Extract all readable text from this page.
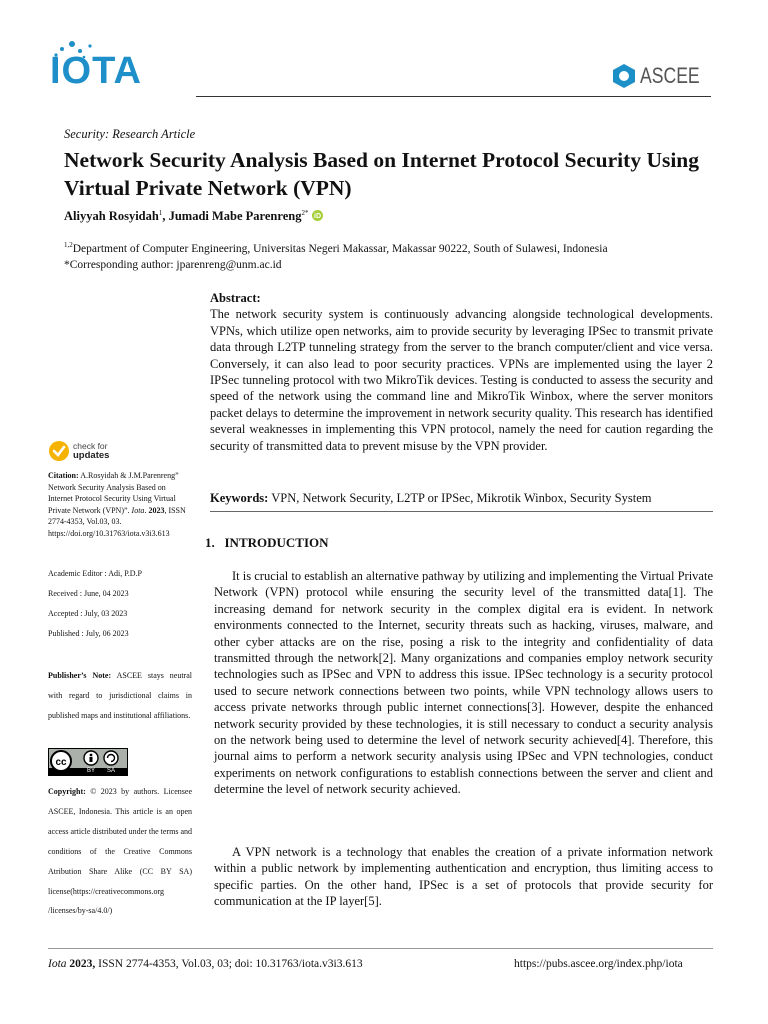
IOTA	ASCEE
Security: Research Article
Network Security Analysis Based on Internet Protocol Security Using Virtual Private Network (VPN)
Aliyyah Rosyidah$^1$, Jumadi Mabe Parenreng$^{2*}$ iD
$^{1,2}$Department of Computer Engineering, Universitas Negeri Makassar, Makassar 90222, South of Sulawesi, Indonesia
*Corresponding author: jparenreng@unm.ac.id
Abstract:
The network security system is continuously advancing alongside technological developments. VPNs, which utilize open networks, aim to provide security by leveraging IPSec to transmit private data through L2TP tunneling strategy from the server to the branch computer/client and vice versa. Conversely, it can also lead to poor security practices. VPNs are implemented using the layer 2 IPSec tunneling protocol with two MikroTik devices. Testing is conducted to assess the security and speed of the network using the command line and MikroTik Winbox, where the server monitors packet delays to determine the improvement in network security quality. This research has identified several weaknesses in implementing this VPN protocol, namely the need for caution regarding the security of transmitted data to prevent misuse by the VPN provider.
Keywords: VPN, Network Security, L2TP or IPSec, Mikrotik Winbox, Security System
1.   INTRODUCTION

It is crucial to establish an alternative pathway by utilizing and implementing the Virtual Private Network (VPN) protocol while ensuring the security level of the transmitted data[1]. The increasing demand for network security in the complex digital era is evident. In network environments connected to the Internet, security threats such as hacking, viruses, malware, and other cyber attacks are on the rise, posing a risk to the integrity and confidentiality of data transmitted through the network[2]. Many organizations and companies employ network security technologies such as IPSec and VPN to address this issue. IPSec technology is a security protocol used to secure network connections between two points, while VPN technology allows users to access private networks through public internet connections[3]. However, despite the enhanced network security provided by these technologies, it is still necessary to conduct a security analysis on the network being used to determine the level of network security achieved[4]. Therefore, this journal aims to perform a network security analysis using IPSec and VPN technologies, conduct experiments on network configurations to establish connections between the server and client and determine the level of network security achieved.

A VPN network is a technology that enables the creation of a private information network within a public network by implementing authentication and encryption, thus limiting access to specific parties. On the other hand, IPSec is a set of protocols that provide security for communication at the IP layer[5].

check for
updates
Citation: A.Rosyidah & J.M.Parenreng” Network Security Analysis Based on Internet Protocol Security Using Virtual Private Network (VPN)”. Iota. 2023, ISSN 2774-4353, Vol.03, 03. https://doi.org/10.31763/iota.v3i3.613
Academic Editor : Adi, P.D.P
Received : June, 04 2023
Accepted : July, 03 2023
Published : July, 06 2023
Publisher’s Note: ASCEE stays neutral with regard to jurisdictional claims in published maps and institutional affiliations.
cc
BY	SA
Copyright: © 2023 by authors. Licensee ASCEE, Indonesia. This article is an open access article distributed under the terms and conditions of the Creative Commons Atribution Share Alike (CC BY SA) license(https://creativecommons.org /licenses/by-sa/4.0/)
Iota 2023, ISSN 2774-4353, Vol.03, 03; doi: 10.31763/iota.v3i3.613	https://pubs.ascee.org/index.php/iota
